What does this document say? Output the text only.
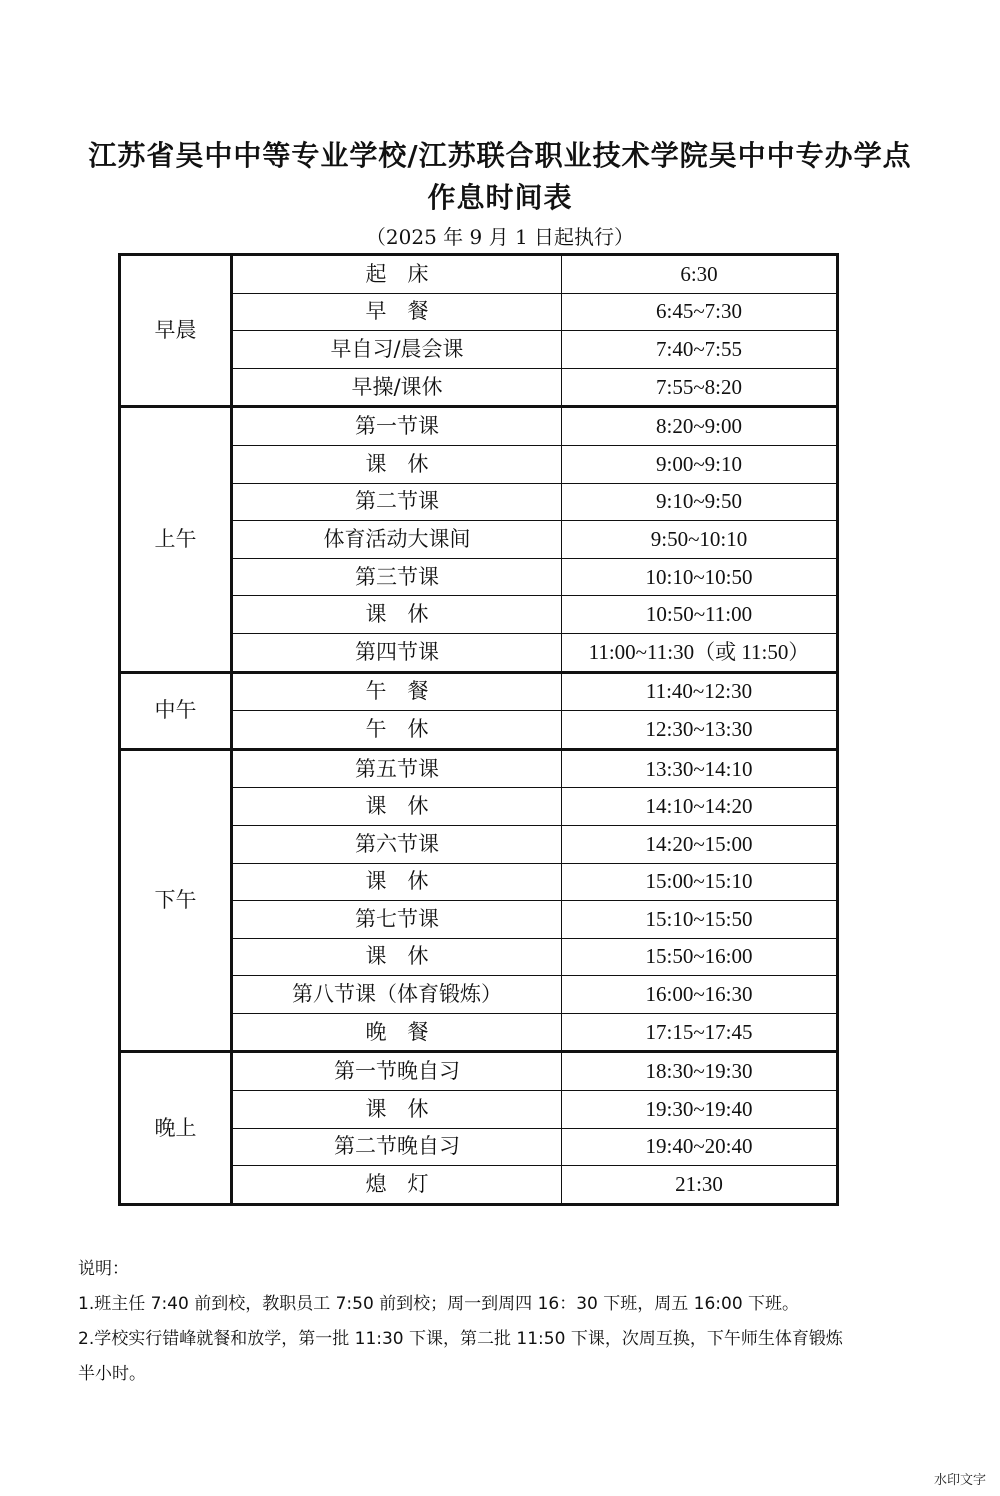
江苏省吴中中等专业学校/江苏联合职业技术学院吴中中专办学点
作息时间表
（2025 年 9 月 1 日起执行）
早晨	起　床	6:30
	早　餐	6:45~7:30
	早自习/晨会课	7:40~7:55
	早操/课休	7:55~8:20
上午	第一节课	8:20~9:00
	课　休	9:00~9:10
	第二节课	9:10~9:50
	体育活动大课间	9:50~10:10
	第三节课	10:10~10:50
	课　休	10:50~11:00
	第四节课	11:00~11:30（或 11:50）
中午	午　餐	11:40~12:30
	午　休	12:30~13:30
下午	第五节课	13:30~14:10
	课　休	14:10~14:20
	第六节课	14:20~15:00
	课　休	15:00~15:10
	第七节课	15:10~15:50
	课　休	15:50~16:00
	第八节课（体育锻炼）	16:00~16:30
	晚　餐	17:15~17:45
晚上	第一节晚自习	18:30~19:30
	课　休	19:30~19:40
	第二节晚自习	19:40~20:40
	熄　灯	21:30
说明：
1.班主任 7:40 前到校，教职员工 7:50 前到校；周一到周四 16：30 下班，周五 16:00 下班。
2.学校实行错峰就餐和放学，第一批 11:30 下课，第二批 11:50 下课，次周互换，下午师生体育锻炼
半小时。
水印文字
